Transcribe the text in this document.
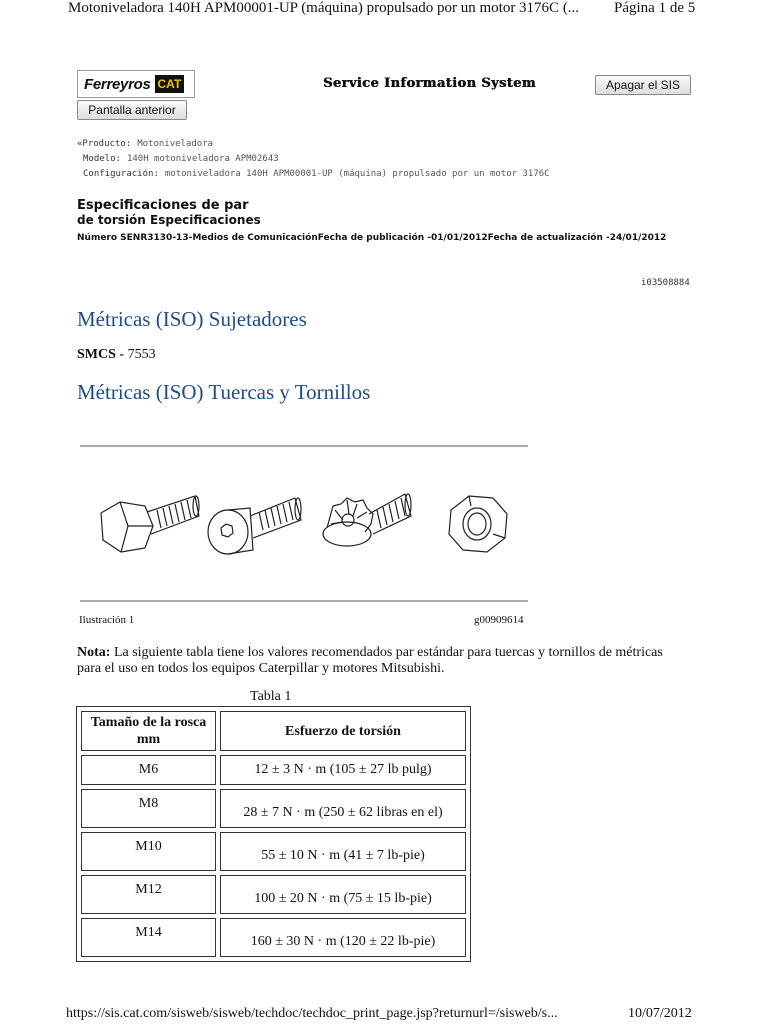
Motoniveladora 140H APM00001-UP (máquina) propulsado por un motor 3176C (... Página 1 de 5
Ferreyros CAT	Service Information System	Apagar el SIS
Pantalla anterior
«Producto: Motoniveladora
Modelo: 140H motoniveladora APM02643
Configuración: motoniveladora 140H APM00001-UP (máquina) propulsado por un motor 3176C
Especificaciones de par
de torsión Especificaciones
Número SENR3130-13-Medios de ComunicaciónFecha de publicación -01/01/2012Fecha de actualización -24/01/2012
i03508884
Métricas (ISO) Sujetadores
SMCS - 7553
Métricas (ISO) Tuercas y Tornillos
Ilustración 1	g00909614
Nota: La siguiente tabla tiene los valores recomendados par estándar para tuercas y tornillos de métricas para el uso en todos los equipos Caterpillar y motores Mitsubishi.
Tabla 1
Tamaño de la rosca mm	Esfuerzo de torsión
M6	12 ± 3 N · m (105 ± 27 lb pulg)
M8	28 ± 7 N · m (250 ± 62 libras en el)
M10	55 ± 10 N · m (41 ± 7 lb-pie)
M12	100 ± 20 N · m (75 ± 15 lb-pie)
M14	160 ± 30 N · m (120 ± 22 lb-pie)
https://sis.cat.com/sisweb/sisweb/techdoc/techdoc_print_page.jsp?returnurl=/sisweb/s...	10/07/2012
